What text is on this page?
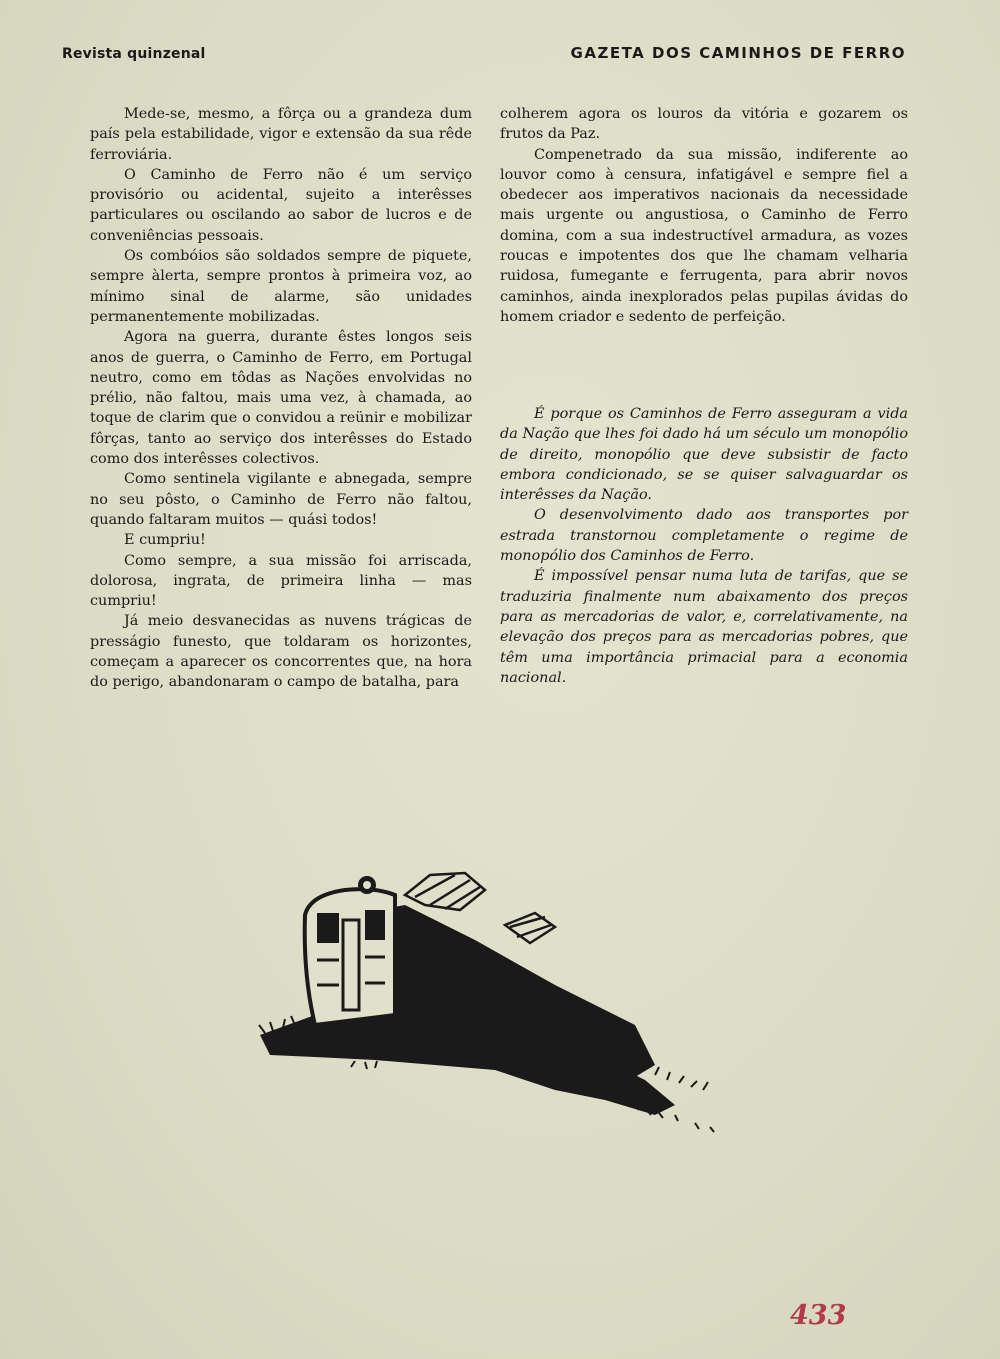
Revista quinzenal	GAZETA DOS CAMINHOS DE FERRO

Mede-se, mesmo, a fôrça ou a grandeza dum país pela estabilidade, vigor e extensão da sua rêde ferroviária.

O Caminho de Ferro não é um serviço provisório ou acidental, sujeito a interêsses particulares ou oscilando ao sabor de lucros e de conveniências pessoais.

Os combóios são soldados sempre de piquete, sempre àlerta, sempre prontos à primeira voz, ao mínimo sinal de alarme, são unidades permanentemente mobilizadas.

Agora na guerra, durante êstes longos seis anos de guerra, o Caminho de Ferro, em Portugal neutro, como em tôdas as Nações envolvidas no prélio, não faltou, mais uma vez, à chamada, ao toque de clarim que o convidou a reünir e mobilizar fôrças, tanto ao serviço dos interêsses do Estado como dos interêsses colectivos.

Como sentinela vigilante e abnegada, sempre no seu pôsto, o Caminho de Ferro não faltou, quando faltaram muitos — quási todos!

E cumpriu!

Como sempre, a sua missão foi arriscada, dolorosa, ingrata, de primeira linha — mas cumpriu!

Já meio desvanecidas as nuvens trágicas de presságio funesto, que toldaram os horizontes, começam a aparecer os concorrentes que, na hora do perigo, abandonaram o campo de batalha, para

colherem agora os louros da vitória e gozarem os frutos da Paz.

Compenetrado da sua missão, indiferente ao louvor como à censura, infatigável e sempre fiel a obedecer aos imperativos nacionais da necessidade mais urgente ou angustiosa, o Caminho de Ferro domina, com a sua indestructível armadura, as vozes roucas e impotentes dos que lhe chamam velharia ruidosa, fumegante e ferrugenta, para abrir novos caminhos, ainda inexplorados pelas pupilas ávidas do homem criador e sedento de perfeição.

É porque os Caminhos de Ferro asseguram a vida da Nação que lhes foi dado há um século um monopólio de direito, monopólio que deve subsistir de facto embora condicionado, se se quiser salvaguardar os interêsses da Nação.

O desenvolvimento dado aos transportes por estrada transtornou completamente o regime de monopólio dos Caminhos de Ferro.

É impossível pensar numa luta de tarifas, que se traduziria finalmente num abaixamento dos preços para as mercadorias de valor, e, correlativamente, na elevação dos preços para as mercadorias pobres, que têm uma importância primacial para a economia nacional.

433
